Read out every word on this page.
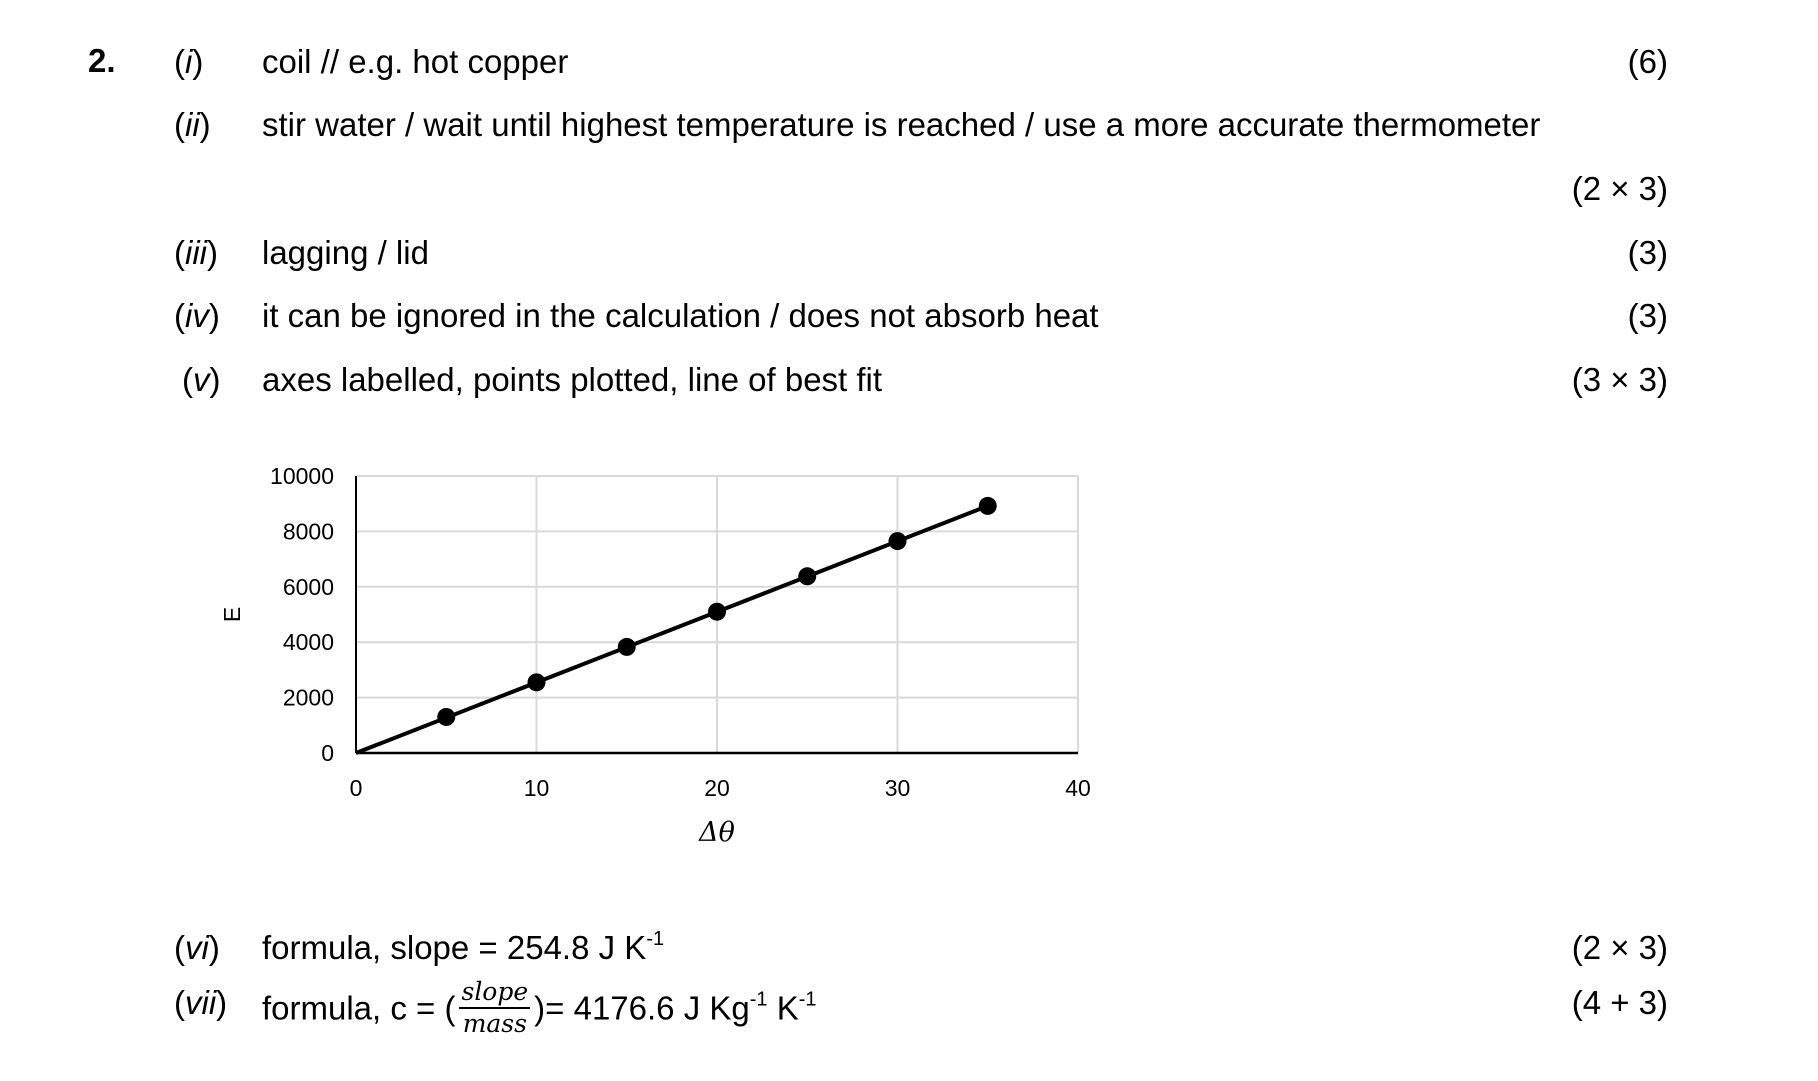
2. (i) coil // e.g. hot copper	(6)
(ii) stir water / wait until highest temperature is reached / use a more accurate thermometer
(2 × 3)
(iii) lagging / lid	(3)
(iv) it can be ignored in the calculation / does not absorb heat	(3)
(v) axes labelled, points plotted, line of best fit	(3 × 3)
0	10	20	30	40
0
2000
4000
6000
8000
10000
Δθ
E
(vi) formula, slope = 254.8 J $K^{-1}$	(2 × 3)
(vii) formula, c = ( $\frac{\text{slope}}{\text{mass}}$ )= 4176.6 J $Kg^{-1}$ $K^{-1}$	(4 + 3)
